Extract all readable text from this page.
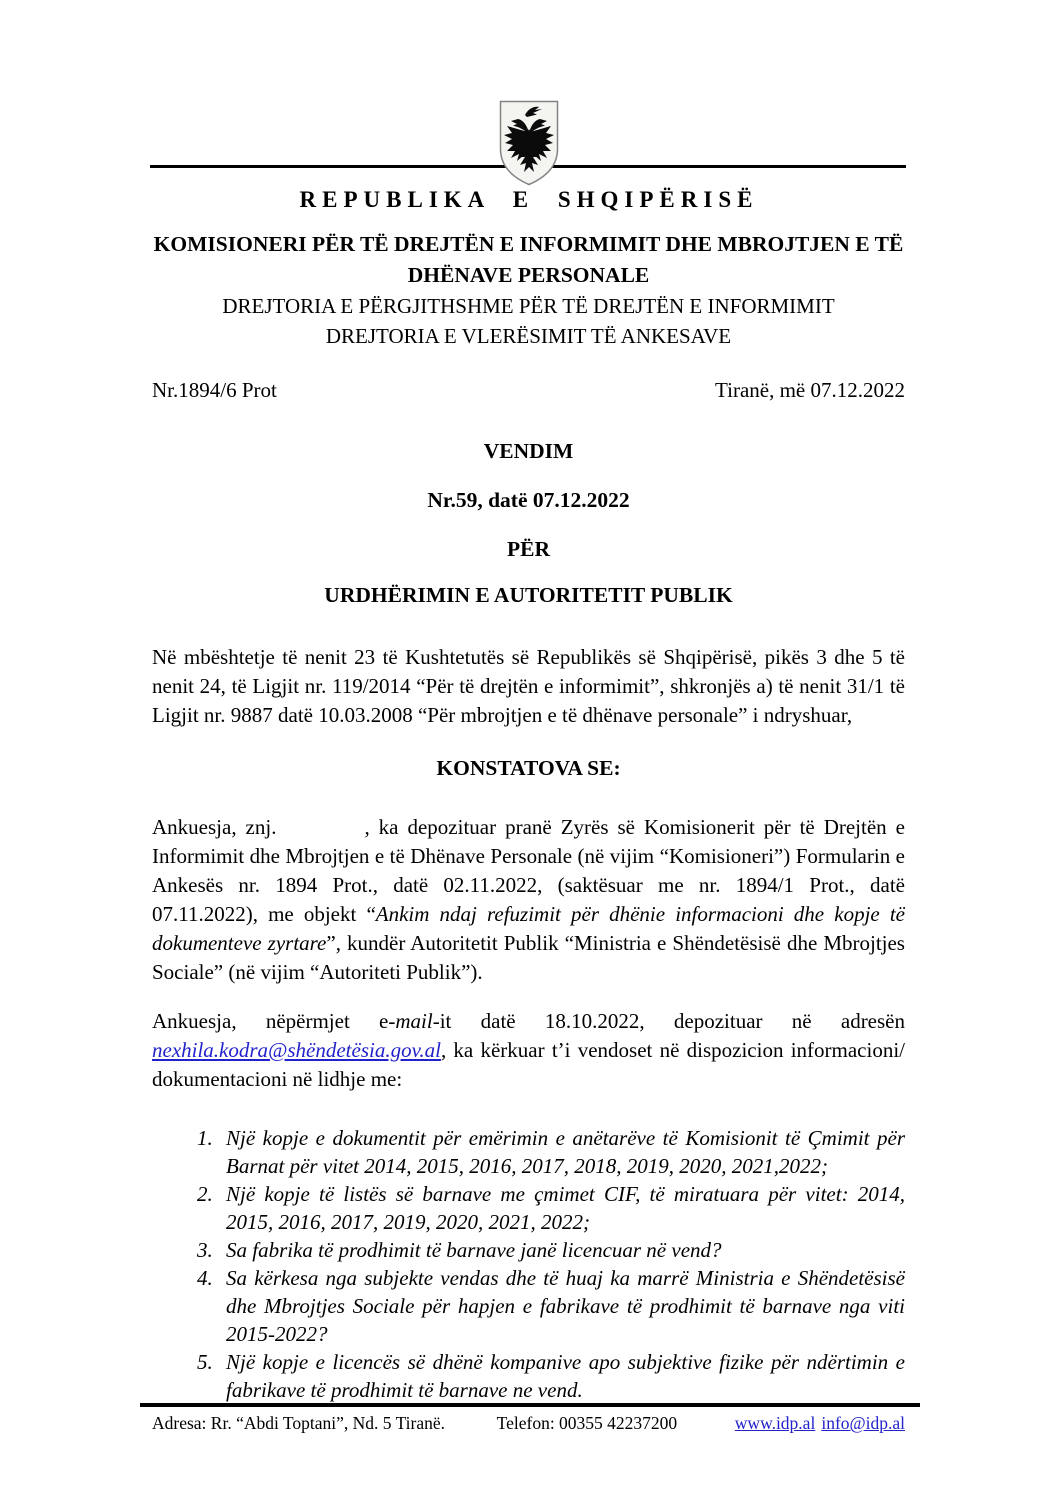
REPUBLIKA E SHQIPËRISË
KOMISIONERI PËR TË DREJTËN E INFORMIMIT DHE MBROJTJEN E TË
DHËNAVE PERSONALE
DREJTORIA E PËRGJITHSHME PËR TË DREJTËN E INFORMIMIT
DREJTORIA E VLERËSIMIT TË ANKESAVE
Nr.1894/6 Prot	Tiranë, më 07.12.2022
VENDIM
Nr.59, datë 07.12.2022
PËR
URDHËRIMIN E AUTORITETIT PUBLIK

Në mbështetje të nenit 23 të Kushtetutës së Republikës së Shqipërisë, pikës 3 dhe 5 të nenit 24, të Ligjit nr. 119/2014 “Për të drejtën e informimit”, shkronjës a) të nenit 31/1 të Ligjit nr. 9887 datë 10.03.2008 “Për mbrojtjen e të dhënave personale” i ndryshuar,

KONSTATOVA SE:

Ankuesja, znj.	, ka depozituar pranë Zyrës së Komisionerit për të Drejtën e Informimit dhe Mbrojtjen e të Dhënave Personale (në vijim “Komisioneri”) Formularin e Ankesës nr. 1894 Prot., datë 02.11.2022, (saktësuar me nr. 1894/1 Prot., datë 07.11.2022), me objekt “Ankim ndaj refuzimit për dhënie informacioni dhe kopje të dokumenteve zyrtare”, kundër Autoritetit Publik “Ministria e Shëndetësisë dhe Mbrojtjes Sociale” (në vijim “Autoriteti Publik”).

Ankuesja, nëpërmjet e-mail-it datë 18.10.2022, depozituar në adresën nexhila.kodra@shëndetësia.gov.al, ka kërkuar t’i vendoset në dispozicion informacioni/ dokumentacioni në lidhje me:

1. Një kopje e dokumentit për emërimin e anëtarëve të Komisionit të Çmimit për Barnat për vitet 2014, 2015, 2016, 2017, 2018, 2019, 2020, 2021,2022;
2. Një kopje të listës së barnave me çmimet CIF, të miratuara për vitet: 2014, 2015, 2016, 2017, 2019, 2020, 2021, 2022;
3. Sa fabrika të prodhimit të barnave janë licencuar në vend?
4. Sa kërkesa nga subjekte vendas dhe të huaj ka marrë Ministria e Shëndetësisë dhe Mbrojtjes Sociale për hapjen e fabrikave të prodhimit të barnave nga viti 2015-2022?
5. Një kopje e licencës së dhënë kompanive apo subjektive fizike për ndërtimin e fabrikave të prodhimit të barnave ne vend.
Adresa: Rr. “Abdi Toptani”, Nd. 5 Tiranë.	Telefon: 00355 42237200	www.idp.al info@idp.al
